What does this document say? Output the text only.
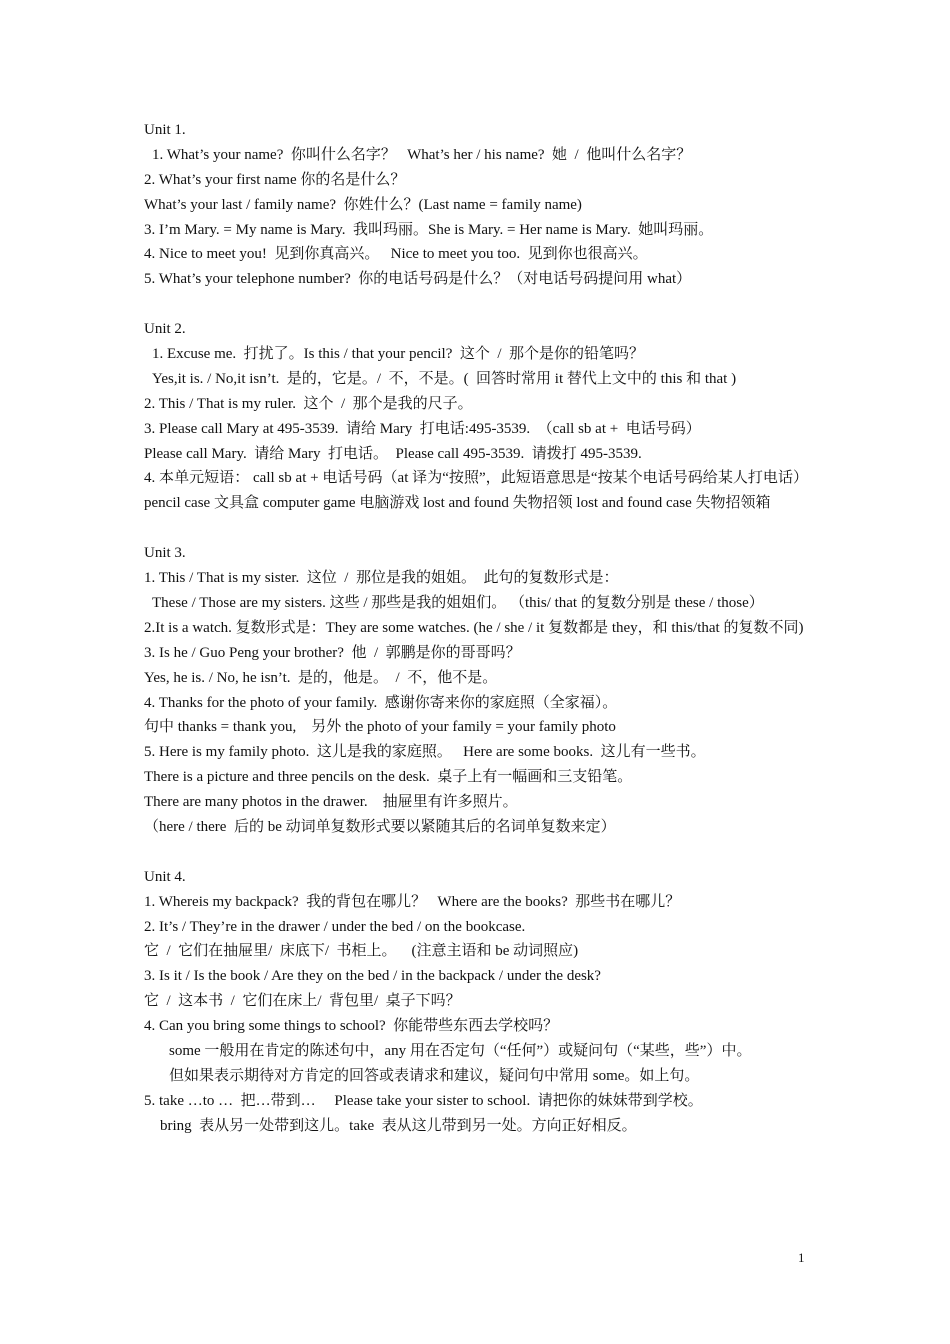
Unit 1.
1. What’s your name?  你叫什么名字？   What’s her / his name?  她  /  他叫什么名字？
2. What’s your first name 你的名是什么？
What’s your last / family name?  你姓什么？(Last name = family name)
3. I’m Mary. = My name is Mary.  我叫玛丽。She is Mary. = Her name is Mary.  她叫玛丽。
4. Nice to meet you!  见到你真高兴。   Nice to meet you too.  见到你也很高兴。
5. What’s your telephone number?  你的电话号码是什么？（对电话号码提问用 what）
Unit 2.
1. Excuse me.  打扰了。Is this / that your pencil?  这个  /  那个是你的铅笔吗？
Yes,it is. / No,it isn’t.  是的，它是。/  不，不是。(  回答时常用 it 替代上文中的 this 和 that )
2. This / That is my ruler.  这个  /  那个是我的尺子。
3. Please call Mary at 495-3539.  请给 Mary  打电话:495-3539.  （call sb at +  电话号码）
Please call Mary.  请给 Mary  打电话。  Please call 495-3539.  请拨打 495-3539.
4. 本单元短语： call sb at + 电话号码（at 译为“按照”，此短语意思是“按某个电话号码给某人打电话） pencil case 文具盒 computer game 电脑游戏 lost and found 失物招领 lost and found case 失物招领箱
Unit 3.
1. This / That is my sister.  这位  /  那位是我的姐姐。  此句的复数形式是：
These / Those are my sisters. 这些 / 那些是我的姐姐们。 （this/ that 的复数分别是 these / those）
2.It is a watch. 复数形式是：They are some watches. (he / she / it 复数都是 they，和 this/that 的复数不同)
3. Is he / Guo Peng your brother?  他  /  郭鹏是你的哥哥吗？
Yes, he is. / No, he isn’t.  是的，他是。  /  不，他不是。
4. Thanks for the photo of your family.  感谢你寄来你的家庭照（全家福）。
句中 thanks = thank you,    另外 the photo of your family = your family photo
5. Here is my family photo.  这儿是我的家庭照。   Here are some books.  这儿有一些书。
There is a picture and three pencils on the desk.  桌子上有一幅画和三支铅笔。
There are many photos in the drawer.    抽屉里有许多照片。
（here / there  后的 be 动词单复数形式要以紧随其后的名词单复数来定）
Unit 4.
1. Whereis my backpack?  我的背包在哪儿？   Where are the books?  那些书在哪儿？
2. It’s / They’re in the drawer / under the bed / on the bookcase.
它  /  它们在抽屉里/  床底下/  书柜上。    (注意主语和 be 动词照应)
3. Is it / Is the book / Are they on the bed / in the backpack / under the desk?
它  /  这本书  /  它们在床上/  背包里/  桌子下吗？
4. Can you bring some things to school?  你能带些东西去学校吗？
some 一般用在肯定的陈述句中，any 用在否定句（“任何”）或疑问句（“某些，些”）中。
但如果表示期待对方肯定的回答或表请求和建议，疑问句中常用 some。如上句。
5. take …to …  把…带到…     Please take your sister to school.  请把你的妹妹带到学校。
bring  表从另一处带到这儿。take  表从这儿带到另一处。方向正好相反。
1
